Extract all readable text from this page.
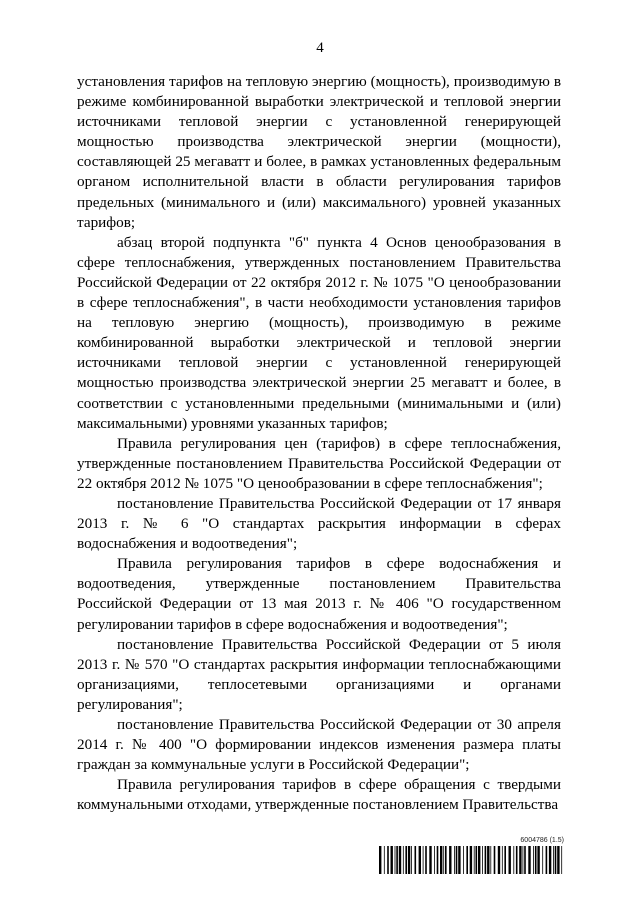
4

установления тарифов на тепловую энергию (мощность), производимую в режиме комбинированной выработки электрической и тепловой энергии источниками тепловой энергии с установленной генерирующей мощностью производства электрической энергии (мощности), составляющей 25 мегаватт и более, в рамках установленных федеральным органом исполнительной власти в области регулирования тарифов предельных (минимального и (или) максимального) уровней указанных тарифов;

абзац второй подпункта "б" пункта 4 Основ ценообразования в сфере теплоснабжения, утвержденных постановлением Правительства Российской Федерации от 22 октября 2012 г. № 1075 "О ценообразовании в сфере теплоснабжения", в части необходимости установления тарифов на тепловую энергию (мощность), производимую в режиме комбинированной выработки электрической и тепловой энергии источниками тепловой энергии с установленной генерирующей мощностью производства электрической энергии 25 мегаватт и более, в соответствии с установленными предельными (минимальными и (или) максимальными) уровнями указанных тарифов;

Правила регулирования цен (тарифов) в сфере теплоснабжения, утвержденные постановлением Правительства Российской Федерации от 22 октября 2012 № 1075 "О ценообразовании в сфере теплоснабжения";

постановление Правительства Российской Федерации от 17 января 2013 г. № 6 "О стандартах раскрытия информации в сферах водоснабжения и водоотведения";

Правила регулирования тарифов в сфере водоснабжения и водоотведения, утвержденные постановлением Правительства Российской Федерации от 13 мая 2013 г. № 406 "О государственном регулировании тарифов в сфере водоснабжения и водоотведения";

постановление Правительства Российской Федерации от 5 июля 2013 г. № 570 "О стандартах раскрытия информации теплоснабжающими организациями, теплосетевыми организациями и органами регулирования";

постановление Правительства Российской Федерации от 30 апреля 2014 г. № 400 "О формировании индексов изменения размера платы граждан за коммунальные услуги в Российской Федерации";

Правила регулирования тарифов в сфере обращения с твердыми коммунальными отходами, утвержденные постановлением Правительства

6004786 (1.5)
